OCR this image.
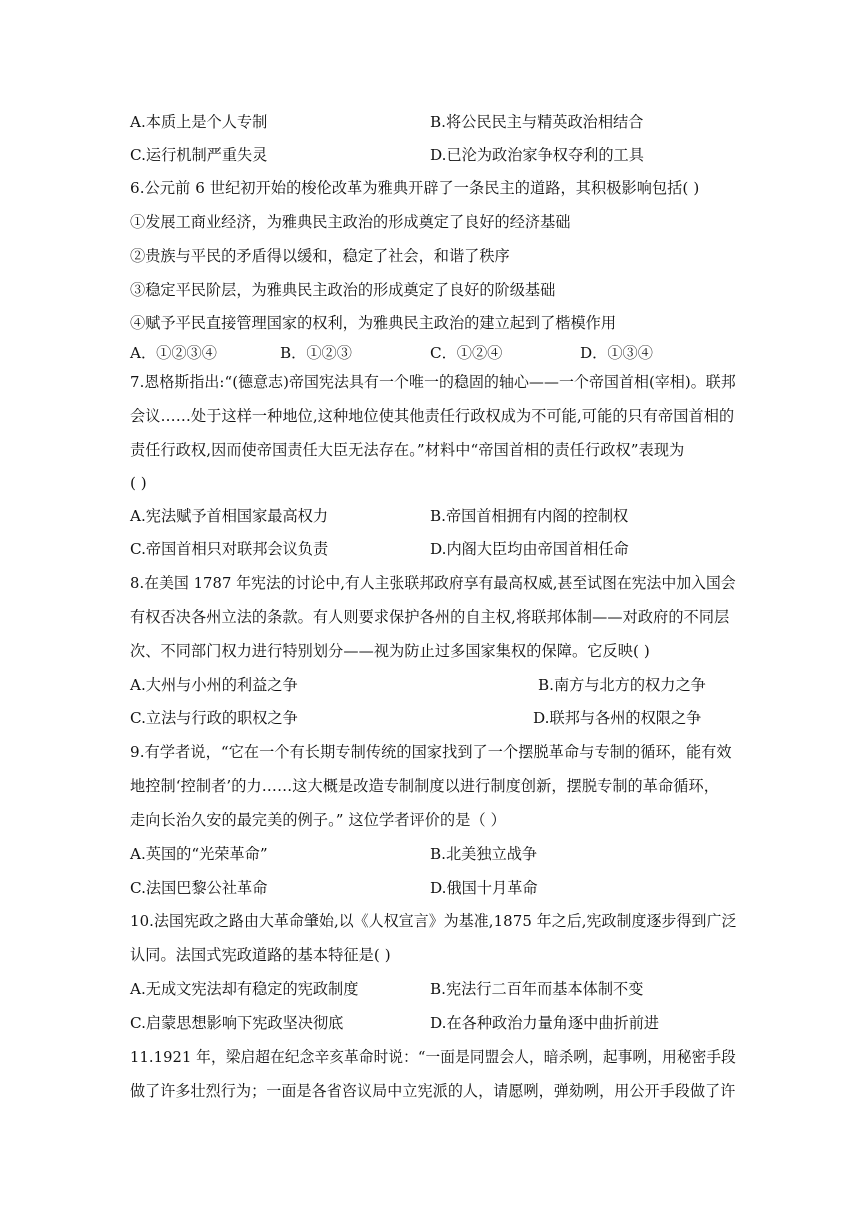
A.本质上是个人专制	B.将公民民主与精英政治相结合
C.运行机制严重失灵	D.已沦为政治家争权夺利的工具
6.公元前 6 世纪初开始的梭伦改革为雅典开辟了一条民主的道路，其积极影响包括( )
①发展工商业经济，为雅典民主政治的形成奠定了良好的经济基础
②贵族与平民的矛盾得以缓和，稳定了社会，和谐了秩序
③稳定平民阶层，为雅典民主政治的形成奠定了良好的阶级基础
④赋予平民直接管理国家的权利，为雅典民主政治的建立起到了楷模作用
A．①②③④	B．①②③	C．①②④	D．①③④
7.恩格斯指出:“(德意志)帝国宪法具有一个唯一的稳固的轴心——一个帝国首相(宰相)。联邦
会议……处于这样一种地位,这种地位使其他责任行政权成为不可能,可能的只有帝国首相的
责任行政权,因而使帝国责任大臣无法存在。”材料中“帝国首相的责任行政权”表现为
( )
A.宪法赋予首相国家最高权力	B.帝国首相拥有内阁的控制权
C.帝国首相只对联邦会议负责	D.内阁大臣均由帝国首相任命
8.在美国 1787 年宪法的讨论中,有人主张联邦政府享有最高权威,甚至试图在宪法中加入国会
有权否决各州立法的条款。有人则要求保护各州的自主权,将联邦体制——对政府的不同层
次、不同部门权力进行特别划分——视为防止过多国家集权的保障。它反映( )
A.大州与小州的利益之争	B.南方与北方的权力之争
C.立法与行政的职权之争	D.联邦与各州的权限之争
9.有学者说，“它在一个有长期专制传统的国家找到了一个摆脱革命与专制的循环，能有效
地控制‘控制者’的力……这大概是改造专制制度以进行制度创新，摆脱专制的革命循环，
走向长治久安的最完美的例子。” 这位学者评价的是（ ）
A.英国的“光荣革命”	B.北美独立战争
C.法国巴黎公社革命	D.俄国十月革命
10.法国宪政之路由大革命肇始,以《人权宣言》为基准,1875 年之后,宪政制度逐步得到广泛
认同。法国式宪政道路的基本特征是( )
A.无成文宪法却有稳定的宪政制度	B.宪法行二百年而基本体制不变
C.启蒙思想影响下宪政坚决彻底	D.在各种政治力量角逐中曲折前进
11.1921 年，梁启超在纪念辛亥革命时说：“一面是同盟会人，暗杀咧，起事咧，用秘密手段
做了许多壮烈行为；一面是各省咨议局中立宪派的人，请愿咧，弹劾咧，用公开手段做了许
